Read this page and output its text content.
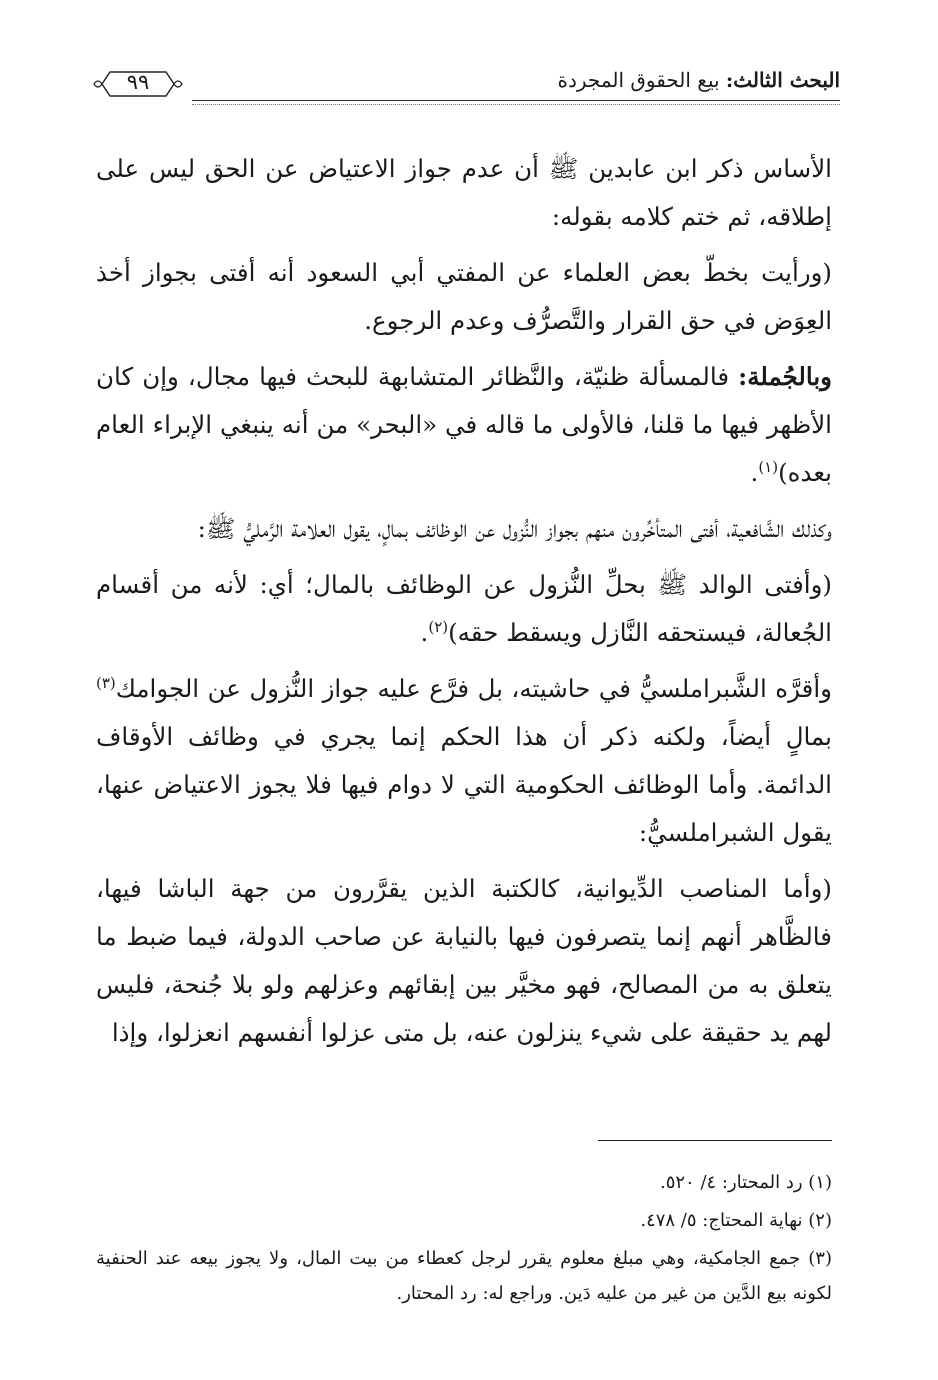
البحث الثالث: بيع الحقوق المجردة
٩٩

الأساس ذكر ابن عابدين ﷺ أن عدم جواز الاعتياض عن الحق ليس على إطلاقه، ثم ختم كلامه بقوله:

(ورأيت بخطّ بعض العلماء عن المفتي أبي السعود أنه أفتى بجواز أخذ العِوَض في حق القرار والتَّصرُّف وعدم الرجوع.

وبالجُملة: فالمسألة ظنيّة، والنَّظائر المتشابهة للبحث فيها مجال، وإن كان الأظهر فيها ما قلنا، فالأولى ما قاله في «البحر» من أنه ينبغي الإبراء العام بعده)$^{(١)}$.

وكذلك الشَّافعية، أفتى المتأخِّرون منهم بجواز النُّزول عن الوظائف بمالٍ، يقول العلامة الرَّمليُّ ﷺ:

(وأفتى الوالد ﷺ بحلِّ النُّزول عن الوظائف بالمال؛ أي: لأنه من أقسام الجُعالة، فيستحقه النَّازل ويسقط حقه)$^{(٢)}$.

وأقرَّه الشَّبراملسيُّ في حاشيته، بل فرَّع عليه جواز النُّزول عن الجوامك$^{(٣)}$ بمالٍ أيضاً، ولكنه ذكر أن هذا الحكم إنما يجري في وظائف الأوقاف الدائمة. وأما الوظائف الحكومية التي لا دوام فيها فلا يجوز الاعتياض عنها، يقول الشبراملسيُّ:

(وأما المناصب الدِّيوانية، كالكتبة الذين يقرَّرون من جهة الباشا فيها، فالظَّاهر أنهم إنما يتصرفون فيها بالنيابة عن صاحب الدولة، فيما ضبط ما يتعلق به من المصالح، فهو مخيَّر بين إبقائهم وعزلهم ولو بلا جُنحة، فليس لهم يد حقيقة على شيء ينزلون عنه، بل متى عزلوا أنفسهم انعزلوا، وإذا

(١) رد المحتار: ٤/ ٥٢٠.
(٢) نهاية المحتاج: ٥/ ٤٧٨.
(٣) جمع الجامكية، وهي مبلغ معلوم يقرر لرجل كعطاء من بيت المال، ولا يجوز بيعه عند الحنفية لكونه بيع الدَّين من غير من عليه دَين. وراجع له: رد المحتار.
